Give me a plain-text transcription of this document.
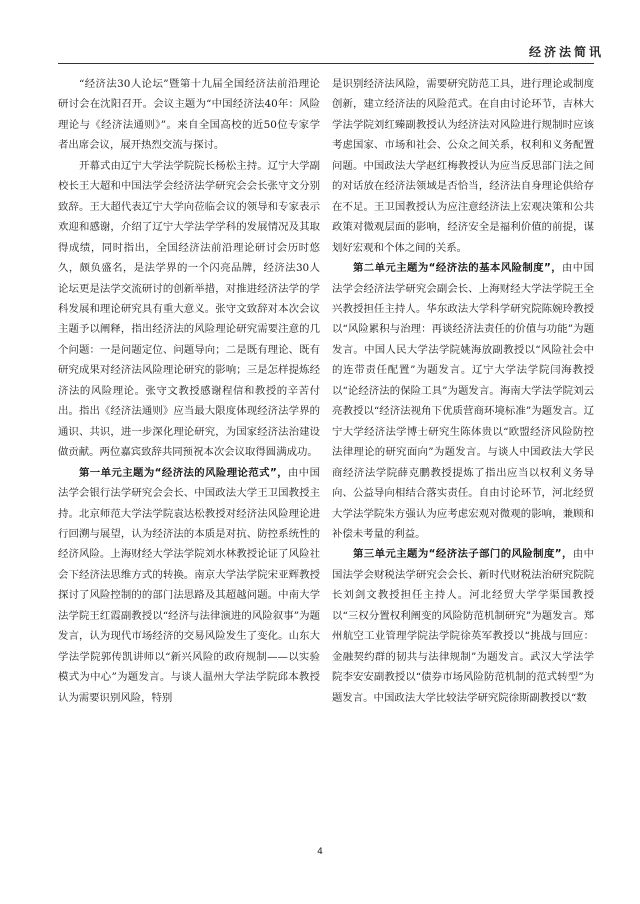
经济法简讯

“经济法30人论坛”暨第十九届全国经济法前沿理论研讨会在沈阳召开。会议主题为“中国经济法40年：风险理论与《经济法通则》”。来自全国高校的近50位专家学者出席会议，展开热烈交流与探讨。

开幕式由辽宁大学法学院院长杨松主持。辽宁大学副校长王大超和中国法学会经济法学研究会会长张守文分别致辞。王大超代表辽宁大学向莅临会议的领导和专家表示欢迎和感谢，介绍了辽宁大学法学学科的发展情况及其取得成绩，同时指出，全国经济法前沿理论研讨会历时悠久，颇负盛名，是法学界的一个闪亮品牌，经济法30人论坛更是法学交流研讨的创新举措，对推进经济法学的学科发展和理论研究具有重大意义。张守文致辞对本次会议主题予以阐释，指出经济法的风险理论研究需要注意的几个问题：一是问题定位、问题导向；二是既有理论、既有研究成果对经济法风险理论研究的影响；三是怎样提炼经济法的风险理论。张守文教授感谢程信和教授的辛苦付出。指出《经济法通则》应当最大限度体现经济法学界的通识、共识，进一步深化理论研究，为国家经济法治建设做贡献。两位嘉宾致辞共同预祝本次会议取得圆满成功。

第一单元主题为“经济法的风险理论范式”，由中国法学会银行法学研究会会长、中国政法大学王卫国教授主持。北京师范大学法学院袁达松教授对经济法风险理论进行回溯与展望，认为经济法的本质是对抗、防控系统性的经济风险。上海财经大学法学院刘水林教授论证了风险社会下经济法思维方式的转换。南京大学法学院宋亚辉教授探讨了风险控制的的部门法思路及其超越问题。中南大学法学院王红霞副教授以“经济与法律演进的风险叙事”为题发言，认为现代市场经济的交易风险发生了变化。山东大学法学院郭传凯讲师以“新兴风险的政府规制——以实验模式为中心”为题发言。与谈人温州大学法学院邱本教授认为需要识别风险，特别

是识别经济法风险，需要研究防范工具，进行理论或制度创新，建立经济法的风险范式。在自由讨论环节，吉林大学法学院刘红臻副教授认为经济法对风险进行规制时应该考虑国家、市场和社会、公众之间关系，权利和义务配置问题。中国政法大学赵红梅教授认为应当反思部门法之间的对话放在经济法领域是否恰当，经济法自身理论供给存在不足。王卫国教授认为应注意经济法上宏观决策和公共政策对微观层面的影响，经济安全是福利价值的前提，谋划好宏观和个体之间的关系。

第二单元主题为“经济法的基本风险制度”，由中国法学会经济法学研究会副会长、上海财经大学法学院王全兴教授担任主持人。华东政法大学科学研究院陈婉玲教授以“风险累积与治理：再谈经济法责任的价值与功能”为题发言。中国人民大学法学院姚海放副教授以“风险社会中的连带责任配置”为题发言。辽宁大学法学院闫海教授以“论经济法的保险工具”为题发言。海南大学法学院刘云亮教授以“经济法视角下优质营商环境标准”为题发言。辽宁大学经济法学博士研究生陈体贵以“欧盟经济风险防控法律理论的研究面向”为题发言。与谈人中国政法大学民商经济法学院薛克鹏教授提炼了指出应当以权利义务导向、公益导向相结合落实责任。自由讨论环节，河北经贸大学法学院朱方强认为应考虑宏观对微观的影响，兼顾和补偿未考量的利益。

第三单元主题为“经济法子部门的风险制度”，由中国法学会财税法学研究会会长、新时代财税法治研究院院长刘剑文教授担任主持人。河北经贸大学学渠国教授以“三权分置权利阐变的风险防范机制研究”为题发言。郑州航空工业管理学院法学院徐英军教授以“挑战与回应：金融契约群的韧共与法律规制”为题发言。武汉大学法学院李安安副教授以“债券市场风险防范机制的范式转型”为题发言。中国政法大学比较法学研究院徐斯副教授以“数

4
